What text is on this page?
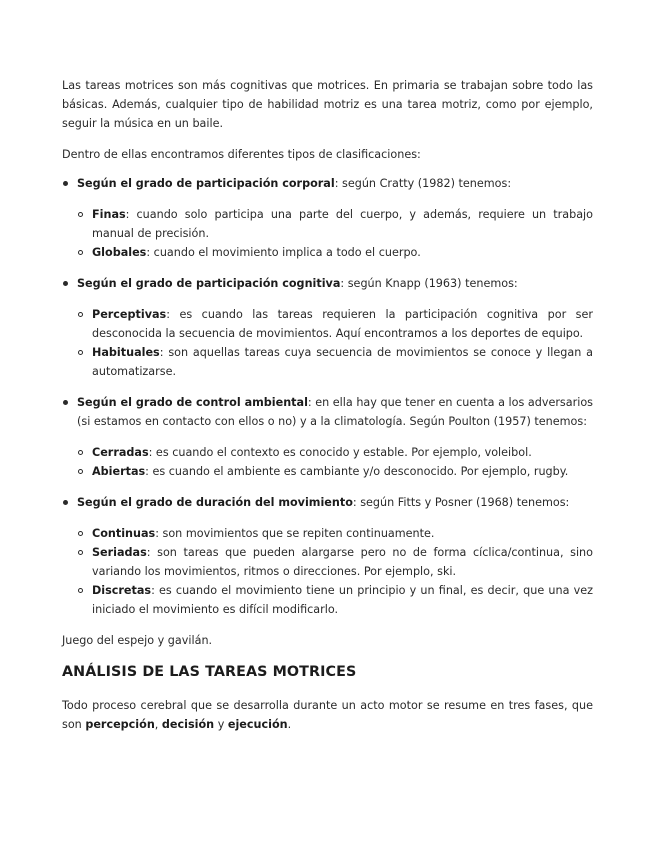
Las tareas motrices son más cognitivas que motrices. En primaria se trabajan sobre todo las básicas. Además, cualquier tipo de habilidad motriz es una tarea motriz, como por ejemplo, seguir la música en un baile.

Dentro de ellas encontramos diferentes tipos de clasificaciones:

Según el grado de participación corporal: según Cratty (1982) tenemos:
Finas: cuando solo participa una parte del cuerpo, y además, requiere un trabajo manual de precisión.
Globales: cuando el movimiento implica a todo el cuerpo.
Según el grado de participación cognitiva: según Knapp (1963) tenemos:
Perceptivas: es cuando las tareas requieren la participación cognitiva por ser desconocida la secuencia de movimientos. Aquí encontramos a los deportes de equipo.
Habituales: son aquellas tareas cuya secuencia de movimientos se conoce y llegan a automatizarse.
Según el grado de control ambiental: en ella hay que tener en cuenta a los adversarios (si estamos en contacto con ellos o no) y a la climatología. Según Poulton (1957) tenemos:
Cerradas: es cuando el contexto es conocido y estable. Por ejemplo, voleibol.
Abiertas: es cuando el ambiente es cambiante y/o desconocido. Por ejemplo, rugby.
Según el grado de duración del movimiento: según Fitts y Posner (1968) tenemos:
Continuas: son movimientos que se repiten continuamente.
Seriadas: son tareas que pueden alargarse pero no de forma cíclica/continua, sino variando los movimientos, ritmos o direcciones. Por ejemplo, ski.
Discretas: es cuando el movimiento tiene un principio y un final, es decir, que una vez iniciado el movimiento es difícil modificarlo.

Juego del espejo y gavilán.

ANÁLISIS DE LAS TAREAS MOTRICES

Todo proceso cerebral que se desarrolla durante un acto motor se resume en tres fases, que son percepción, decisión y ejecución.
